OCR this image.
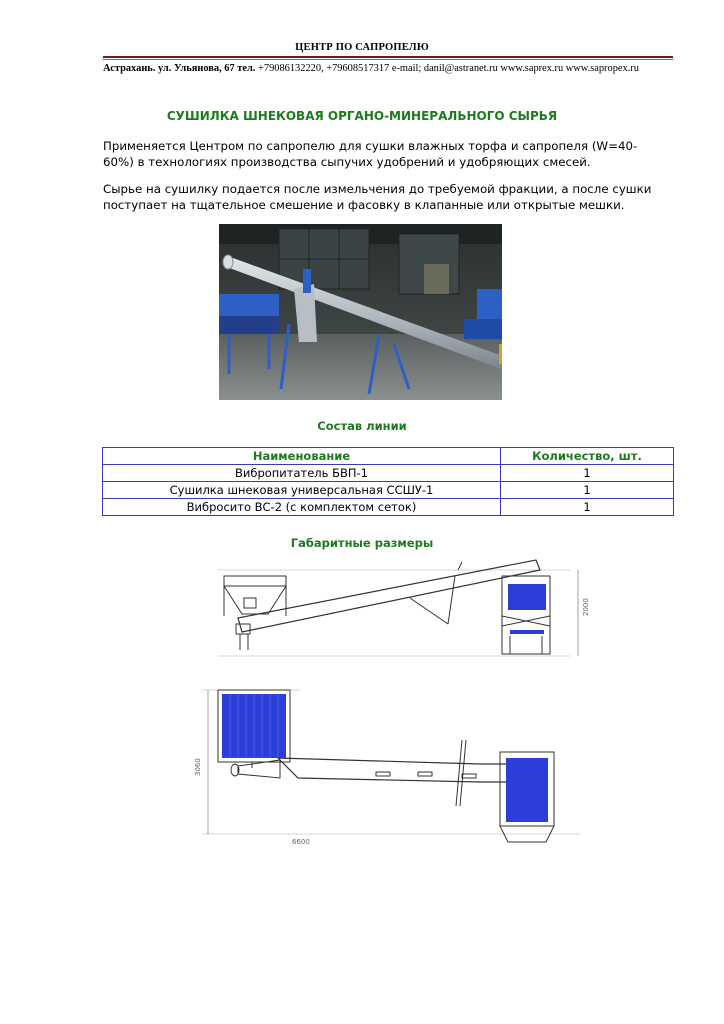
ЦЕНТР ПО САПРОПЕЛЮ
Астрахань. ул. Ульянова, 67 тел. +79086132220, +79608517317 e-mail; danil@astranet.ru www.saprex.ru www.sapropex.ru
СУШИЛКА ШНЕКОВАЯ ОРГАНО-МИНЕРАЛЬНОГО СЫРЬЯ
Применяется Центром по сапропелю для сушки влажных торфа и сапропеля (W=40-60%) в технологиях производства сыпучих удобрений и удобряющих смесей.
Сырье на сушилку подается после измельчения до требуемой фракции, а после сушки поступает на тщательное смешение и фасовку в клапанные или открытые мешки.
Состав линии
Наименование	Количество, шт.
Вибропитатель БВП-1	1
Сушилка шнековая универсальная ССШУ-1	1
Вибросито ВС-2 (с комплектом сеток)	1
Габаритные размеры
2000
3060
6600
